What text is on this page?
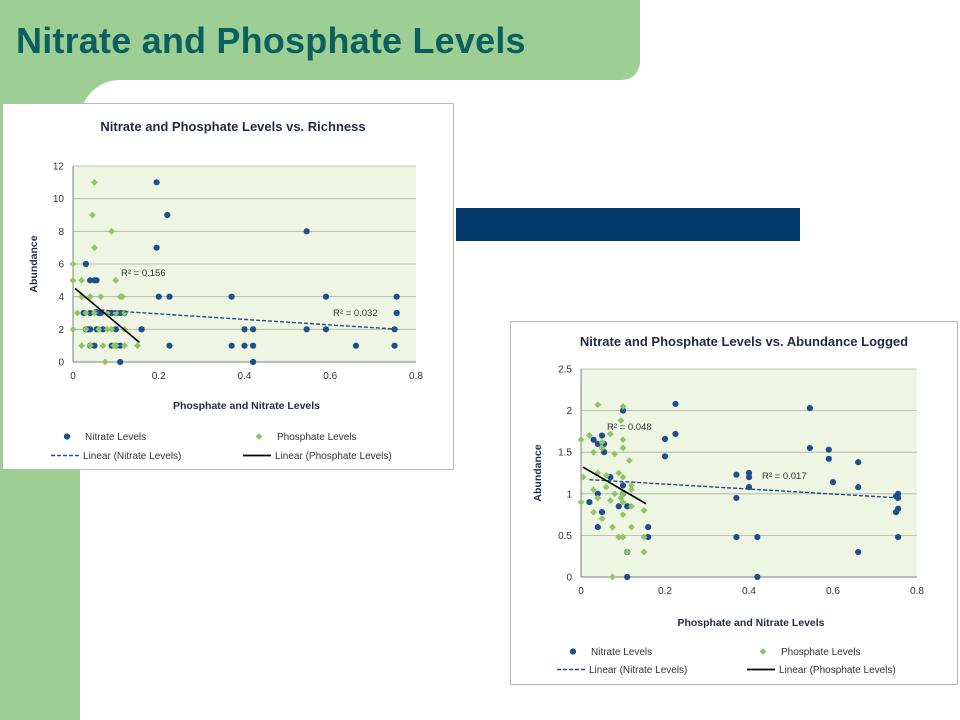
Nitrate and Phosphate Levels
Nitrate and Phosphate Levels vs. Richness
0
2
4
6
8
10
12
0	0.2	0.4	0.6	0.8
Phosphate and Nitrate Levels
Abundance	R² = 0.156
R² = 0.032
Nitrate Levels	Phosphate Levels
Linear (Nitrate Levels)	Linear (Phosphate Levels)
Nitrate and Phosphate Levels vs. Abundance Logged
0
0.5
1
1.5
2
2.5
0	0.2	0.4	0.6	0.8
Phosphate and Nitrate Levels
Abundance
R² = 0.048
R² = 0.017
Nitrate Levels	Phosphate Levels
Linear (Nitrate Levels)	Linear (Phosphate Levels)
